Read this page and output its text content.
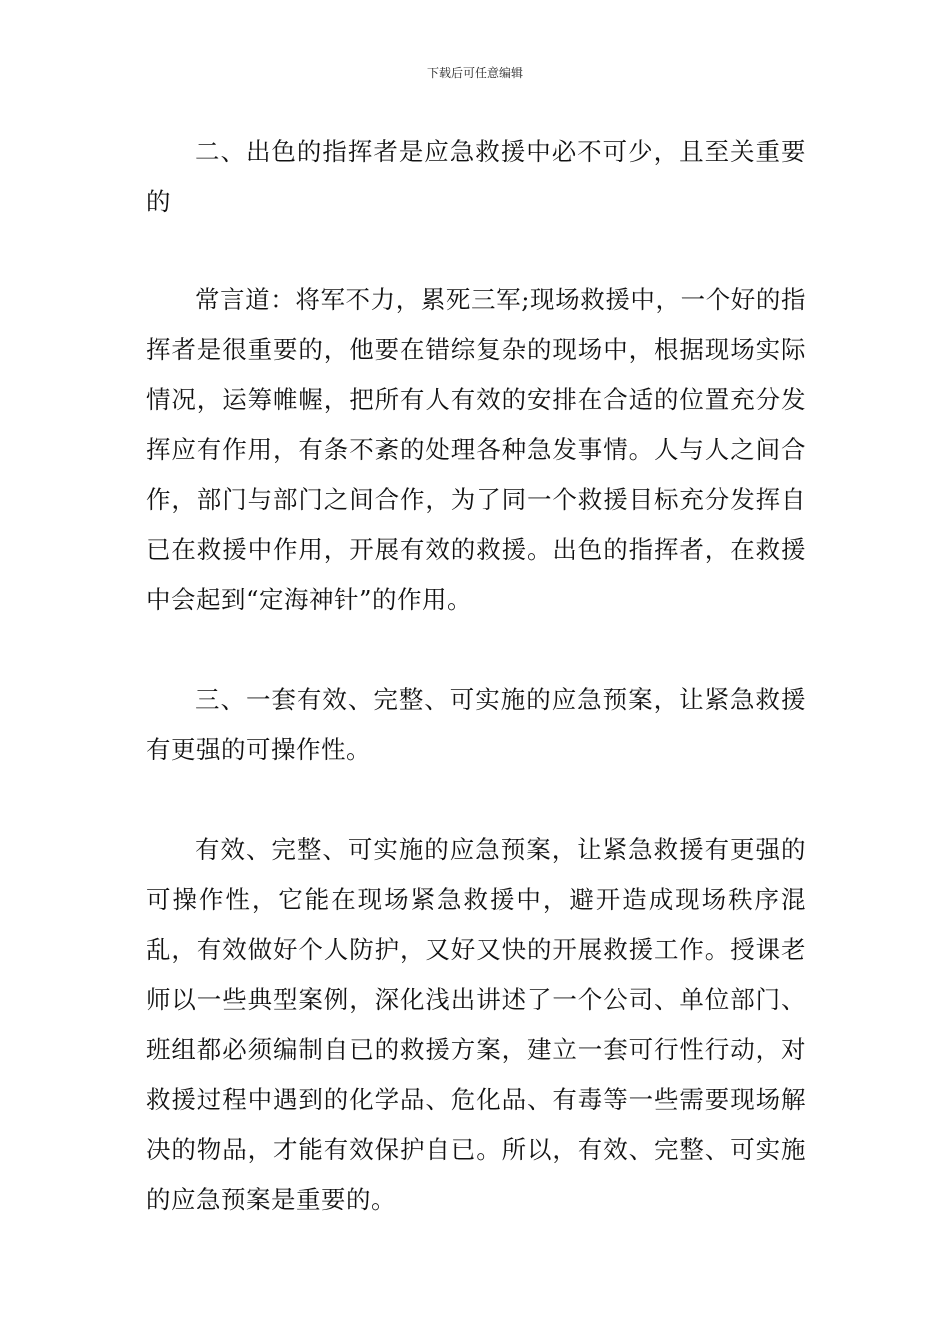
下载后可任意编辑

二、出色的指挥者是应急救援中必不可少，且至关重要的

常言道：将军不力，累死三军;现场救援中，一个好的指挥者是很重要的，他要在错综复杂的现场中，根据现场实际情况，运筹帷幄，把所有人有效的安排在合适的位置充分发挥应有作用，有条不紊的处理各种急发事情。人与人之间合作，部门与部门之间合作，为了同一个救援目标充分发挥自已在救援中作用，开展有效的救援。出色的指挥者，在救援中会起到“定海神针”的作用。

三、一套有效、完整、可实施的应急预案，让紧急救援有更强的可操作性。

有效、完整、可实施的应急预案，让紧急救援有更强的可操作性，它能在现场紧急救援中，避开造成现场秩序混乱，有效做好个人防护，又好又快的开展救援工作。授课老师以一些典型案例，深化浅出讲述了一个公司、单位部门、班组都必须编制自已的救援方案，建立一套可行性行动，对救援过程中遇到的化学品、危化品、有毒等一些需要现场解决的物品，才能有效保护自已。所以，有效、完整、可实施的应急预案是重要的。
